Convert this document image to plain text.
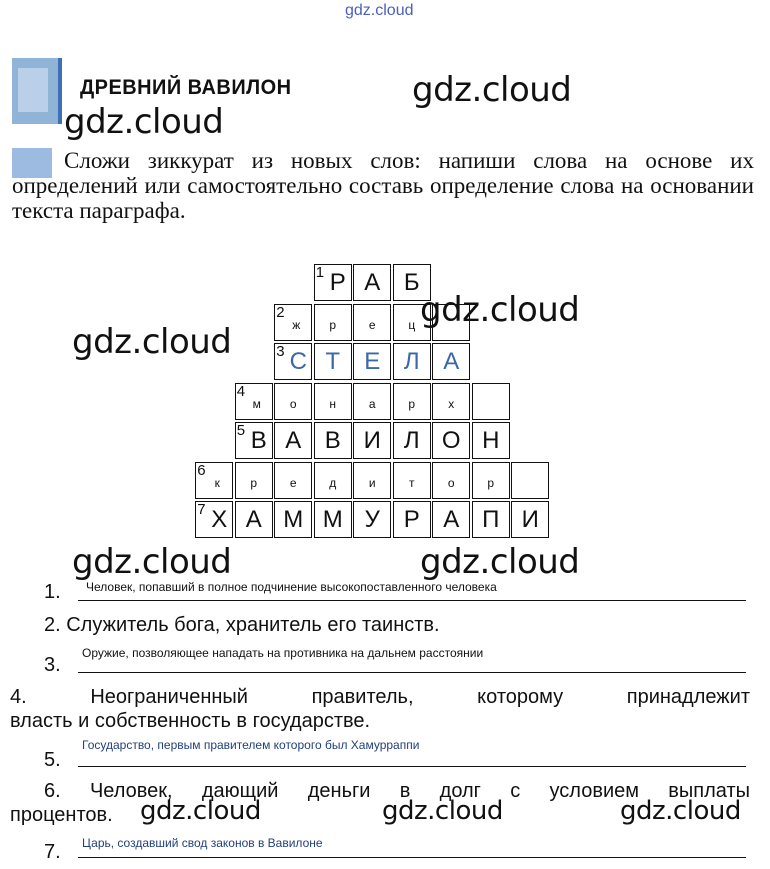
gdz.cloud
ДРЕВНИЙ ВАВИЛОН
Сложи зиккурат из новых слов: напиши слова на основе их определений или самостоятельно составь определение слова на основании текста параграфа.
1 Р А Б
2
ж	р	е	ц
3 С Т	Е Л А
4
м	о	н	а	р	х
5 В А В И Л О Н
6
к	р	е	д	и	т	о	р
7 Х А М М У Р А П И
1. Человек, попавший в полное подчинение высокопоставленного человека
2. Служитель бога, хранитель его таинств.
3.
Оружие, позволяющее нападать на противника на дальнем расстоянии
4. Неограниченный правитель, которому принадлежит
власть и собственность в государстве.
5.
Государство, первым правителем которого был Хамурраппи
6. Человек, дающий деньги в долг с условием выплаты
процентов.
7. Царь, создавший свод законов в Вавилоне
gdz.cloud
gdz.cloud
gdz.cloud
gdz.cloud
gdz.cloud	gdz.cloud
gdz.cloud	gdz.cloud	gdz.cloud
